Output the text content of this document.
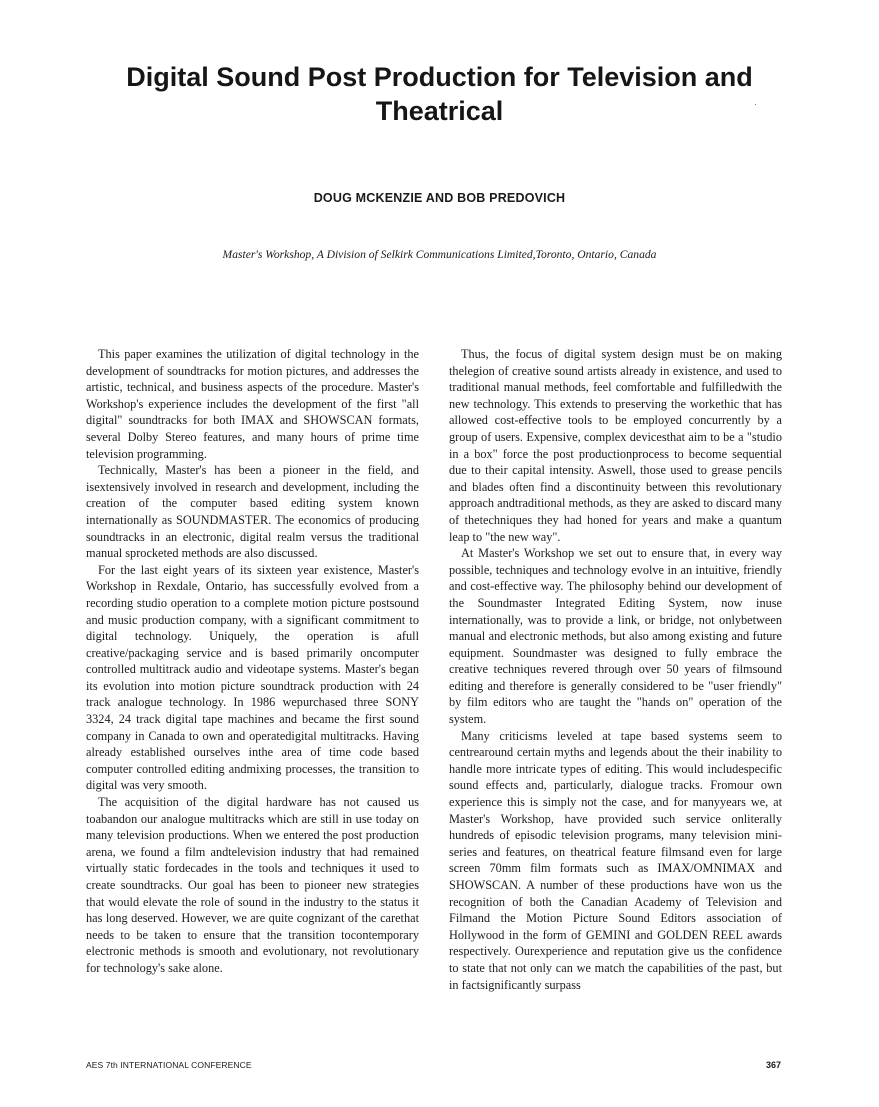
Digital Sound Post Production for Television and Theatrical
DOUG MCKENZIE AND BOB PREDOVICH
Master's Workshop, A Division of Selkirk Communications Limited,Toronto, Ontario, Canada

This paper examines the utilization of digital technology in the development of soundtracks for motion pictures, and addresses the artistic, technical, and business aspects of the procedure. Master's Workshop's experience includes the development of the first "all digital" soundtracks for both IMAX and SHOWSCAN formats, several Dolby Stereo features, and many hours of prime time television programming.

Technically, Master's has been a pioneer in the field, and isextensively involved in research and development, including the creation of the computer based editing system known internationally as SOUNDMASTER. The economics of producing soundtracks in an electronic, digital realm versus the traditional manual sprocketed methods are also discussed.

For the last eight years of its sixteen year existence, Master's Workshop in Rexdale, Ontario, has successfully evolved from a recording studio operation to a complete motion picture postsound and music production company, with a significant commitment to digital technology. Uniquely, the operation is afull creative/packaging service and is based primarily oncomputer controlled multitrack audio and videotape systems. Master's began its evolution into motion picture soundtrack production with 24 track analogue technology. In 1986 wepurchased three SONY 3324, 24 track digital tape machines and became the first sound company in Canada to own and operatedigital multitracks. Having already established ourselves inthe area of time code based computer controlled editing andmixing processes, the transition to digital was very smooth.

The acquisition of the digital hardware has not caused us toabandon our analogue multitracks which are still in use today on many television productions. When we entered the post production arena, we found a film andtelevision industry that had remained virtually static fordecades in the tools and techniques it used to create soundtracks. Our goal has been to pioneer new strategies that would elevate the role of sound in the industry to the status it has long deserved. However, we are quite cognizant of the carethat needs to be taken to ensure that the transition tocontemporary electronic methods is smooth and evolutionary, not revolutionary for technology's sake alone.

Thus, the focus of digital system design must be on making thelegion of creative sound artists already in existence, and used to traditional manual methods, feel comfortable and fulfilledwith the new technology. This extends to preserving the workethic that has allowed cost-effective tools to be employed concurrently by a group of users. Expensive, complex devicesthat aim to be a "studio in a box" force the post productionprocess to become sequential due to their capital intensity. Aswell, those used to grease pencils and blades often find a discontinuity between this revolutionary approach andtraditional methods, as they are asked to discard many of thetechniques they had honed for years and make a quantum leap to "the new way".

At Master's Workshop we set out to ensure that, in every way possible, techniques and technology evolve in an intuitive, friendly and cost-effective way. The philosophy behind our development of the Soundmaster Integrated Editing System, now inuse internationally, was to provide a link, or bridge, not onlybetween manual and electronic methods, but also among existing and future equipment. Soundmaster was designed to fully embrace the creative techniques revered through over 50 years of filmsound editing and therefore is generally considered to be "user friendly" by film editors who are taught the "hands on" operation of the system.

Many criticisms leveled at tape based systems seem to centrearound certain myths and legends about the their inability to handle more intricate types of editing. This would includespecific sound effects and, particularly, dialogue tracks. Fromour own experience this is simply not the case, and for manyyears we, at Master's Workshop, have provided such service onliterally hundreds of episodic television programs, many television mini-series and features, on theatrical feature filmsand even for large screen 70mm film formats such as IMAX/OMNIMAX and SHOWSCAN. A number of these productions have won us the recognition of both the Canadian Academy of Television and Filmand the Motion Picture Sound Editors association of Hollywood in the form of GEMINI and GOLDEN REEL awards respectively. Ourexperience and reputation give us the confidence to state that not only can we match the capabilities of the past, but in factsignificantly surpass

AES 7th INTERNATIONAL CONFERENCE	367
